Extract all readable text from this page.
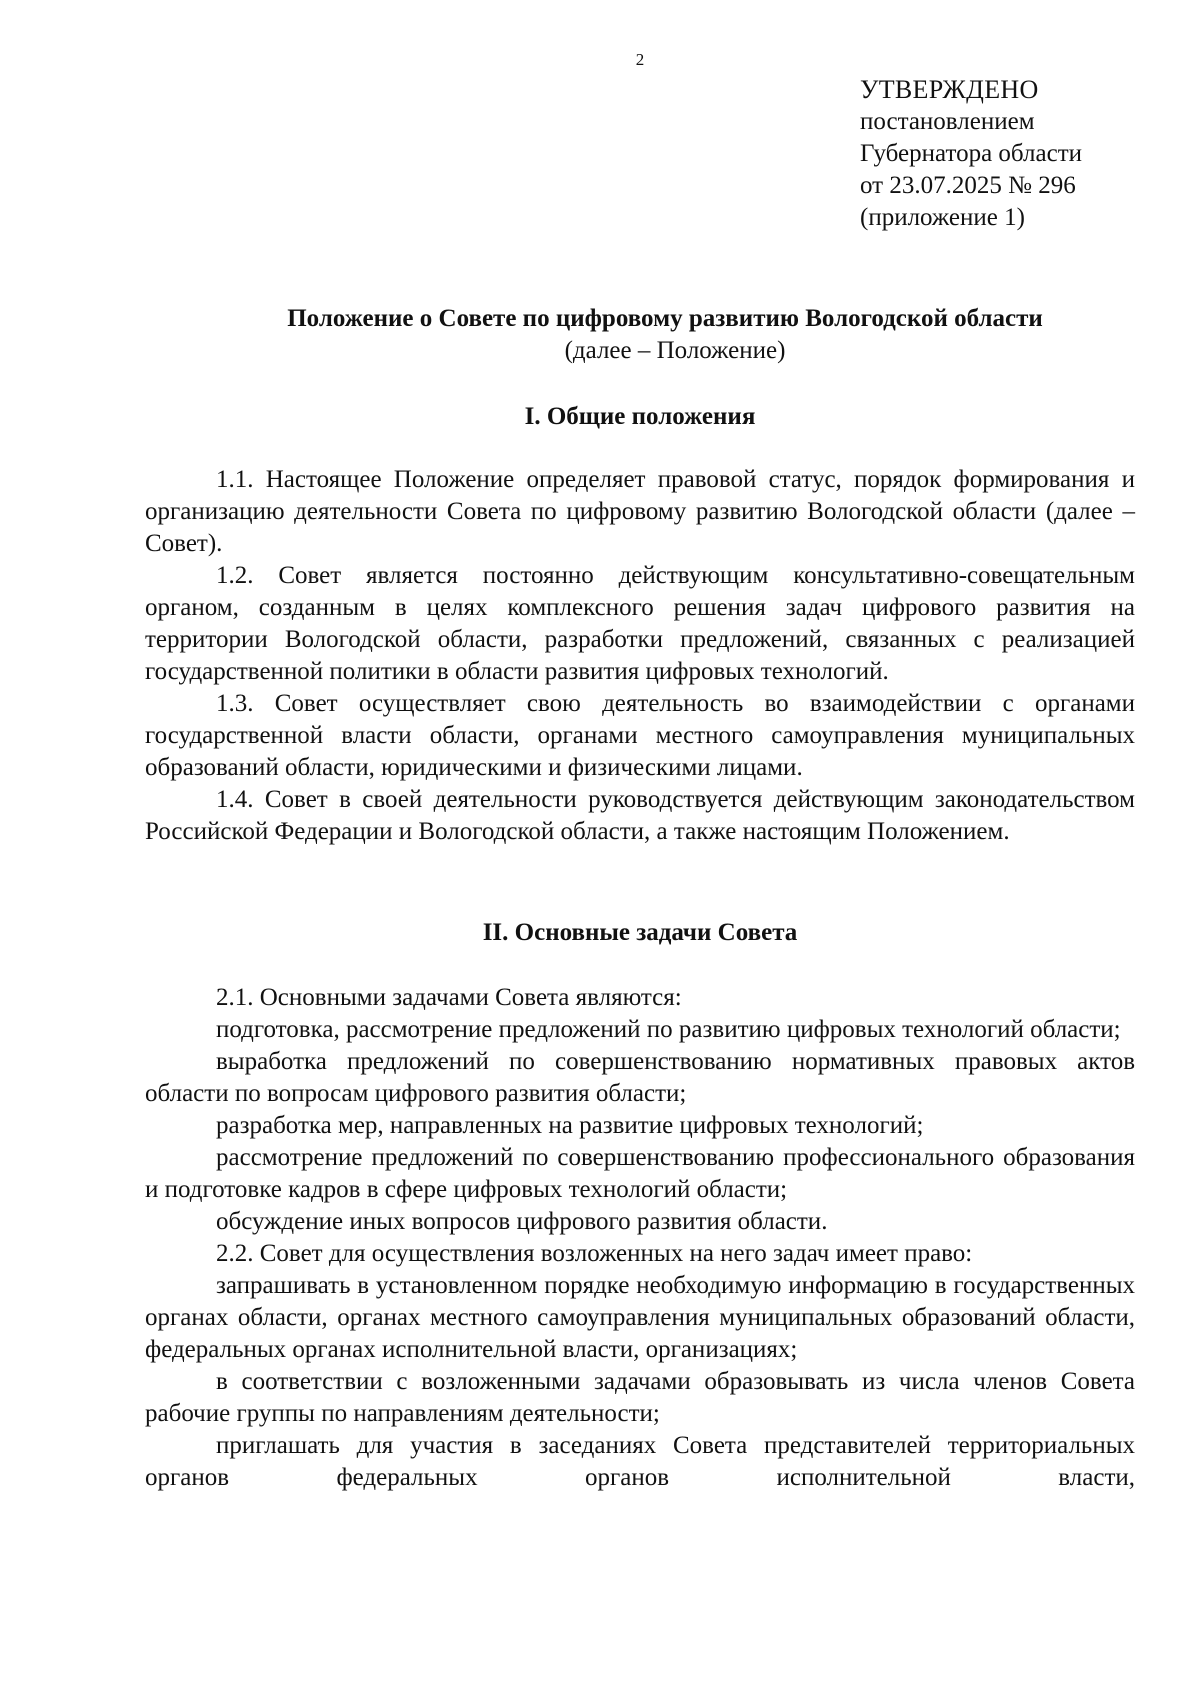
2
УТВЕРЖДЕНО
постановлением
Губернатора области
от 23.07.2025 № 296
(приложение 1)
Положение о Совете по цифровому развитию Вологодской области
(далее – Положение)
I. Общие положения

1.1. Настоящее Положение определяет правовой статус, порядок формирования и организацию деятельности Совета по цифровому развитию Вологодской области (далее – Совет).

1.2. Совет является постоянно действующим консультативно-совещательным органом, созданным в целях комплексного решения задач цифрового развития на территории Вологодской области, разработки предложений, связанных с реализацией государственной политики в области развития цифровых технологий.

1.3. Совет осуществляет свою деятельность во взаимодействии с органами государственной власти области, органами местного самоуправления муниципальных образований области, юридическими и физическими лицами.

1.4. Совет в своей деятельности руководствуется действующим законодательством Российской Федерации и Вологодской области, а также настоящим Положением.

II. Основные задачи Совета

2.1. Основными задачами Совета являются:

подготовка, рассмотрение предложений по развитию цифровых технологий области;

выработка предложений по совершенствованию нормативных правовых актов области по вопросам цифрового развития области;

разработка мер, направленных на развитие цифровых технологий;

рассмотрение предложений по совершенствованию профессионального образования и подготовке кадров в сфере цифровых технологий области;

обсуждение иных вопросов цифрового развития области.

2.2. Совет для осуществления возложенных на него задач имеет право:

запрашивать в установленном порядке необходимую информацию в государственных органах области, органах местного самоуправления муниципальных образований области, федеральных органах исполнительной власти, организациях;

в соответствии с возложенными задачами образовывать из числа членов Совета рабочие группы по направлениям деятельности;

приглашать для участия в заседаниях Совета представителей территориальных органов федеральных органов исполнительной власти,
